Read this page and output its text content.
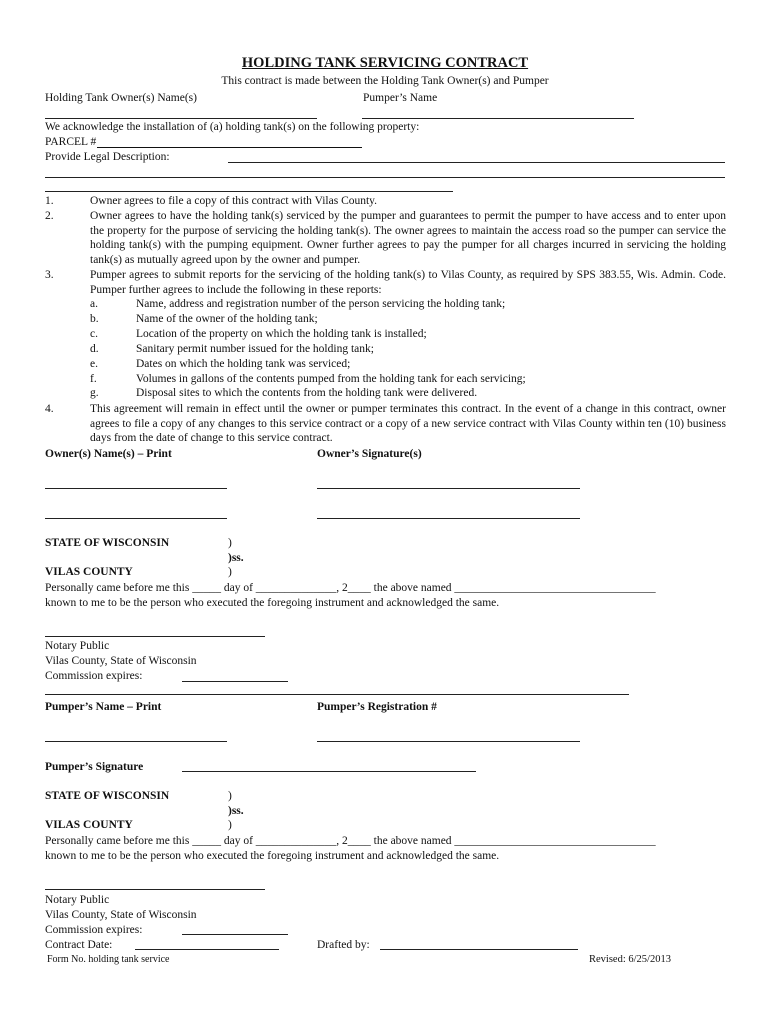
HOLDING TANK SERVICING CONTRACT
This contract is made between the Holding Tank Owner(s) and Pumper
Holding Tank Owner(s) Name(s)	Pumper’s Name
We acknowledge the installation of (a) holding tank(s) on the following property:
PARCEL #
Provide Legal Description:
1.	Owner agrees to file a copy of this contract with Vilas County.
2.	Owner agrees to have the holding tank(s) serviced by the pumper and guarantees to permit the pumper to have access and to enter upon the property for the purpose of servicing the holding tank(s). The owner agrees to maintain the access road so the pumper can service the holding tank(s) with the pumping equipment. Owner further agrees to pay the pumper for all charges incurred in servicing the holding tank(s) as mutually agreed upon by the owner and pumper.
3.	Pumper agrees to submit reports for the servicing of the holding tank(s) to Vilas County, as required by SPS 383.55, Wis. Admin. Code. Pumper further agrees to include the following in these reports:
a.	Name, address and registration number of the person servicing the holding tank;
b.	Name of the owner of the holding tank;
c.	Location of the property on which the holding tank is installed;
d.	Sanitary permit number issued for the holding tank;
e.	Dates on which the holding tank was serviced;
f.	Volumes in gallons of the contents pumped from the holding tank for each servicing;
g.	Disposal sites to which the contents from the holding tank were delivered.
4.	This agreement will remain in effect until the owner or pumper terminates this contract. In the event of a change in this contract, owner agrees to file a copy of any changes to this service contract or a copy of a new service contract with Vilas County within ten (10) business days from the date of change to this service contract.
Owner(s) Name(s) – Print	Owner’s Signature(s)
STATE OF WISCONSIN	)
)ss.
VILAS COUNTY	)
Personally came before me this _____ day of ______________, 2____ the above named ___________________________________
known to me to be the person who executed the foregoing instrument and acknowledged the same.
Notary Public
Vilas County, State of Wisconsin
Commission expires:
Pumper’s Name – Print	Pumper’s Registration #
Pumper’s Signature
STATE OF WISCONSIN	)
)ss.
VILAS COUNTY	)
Personally came before me this _____ day of ______________, 2____ the above named ___________________________________
known to me to be the person who executed the foregoing instrument and acknowledged the same.
Notary Public
Vilas County, State of Wisconsin
Commission expires:
Contract Date:	Drafted by:
Form No. holding tank service	Revised: 6/25/2013
